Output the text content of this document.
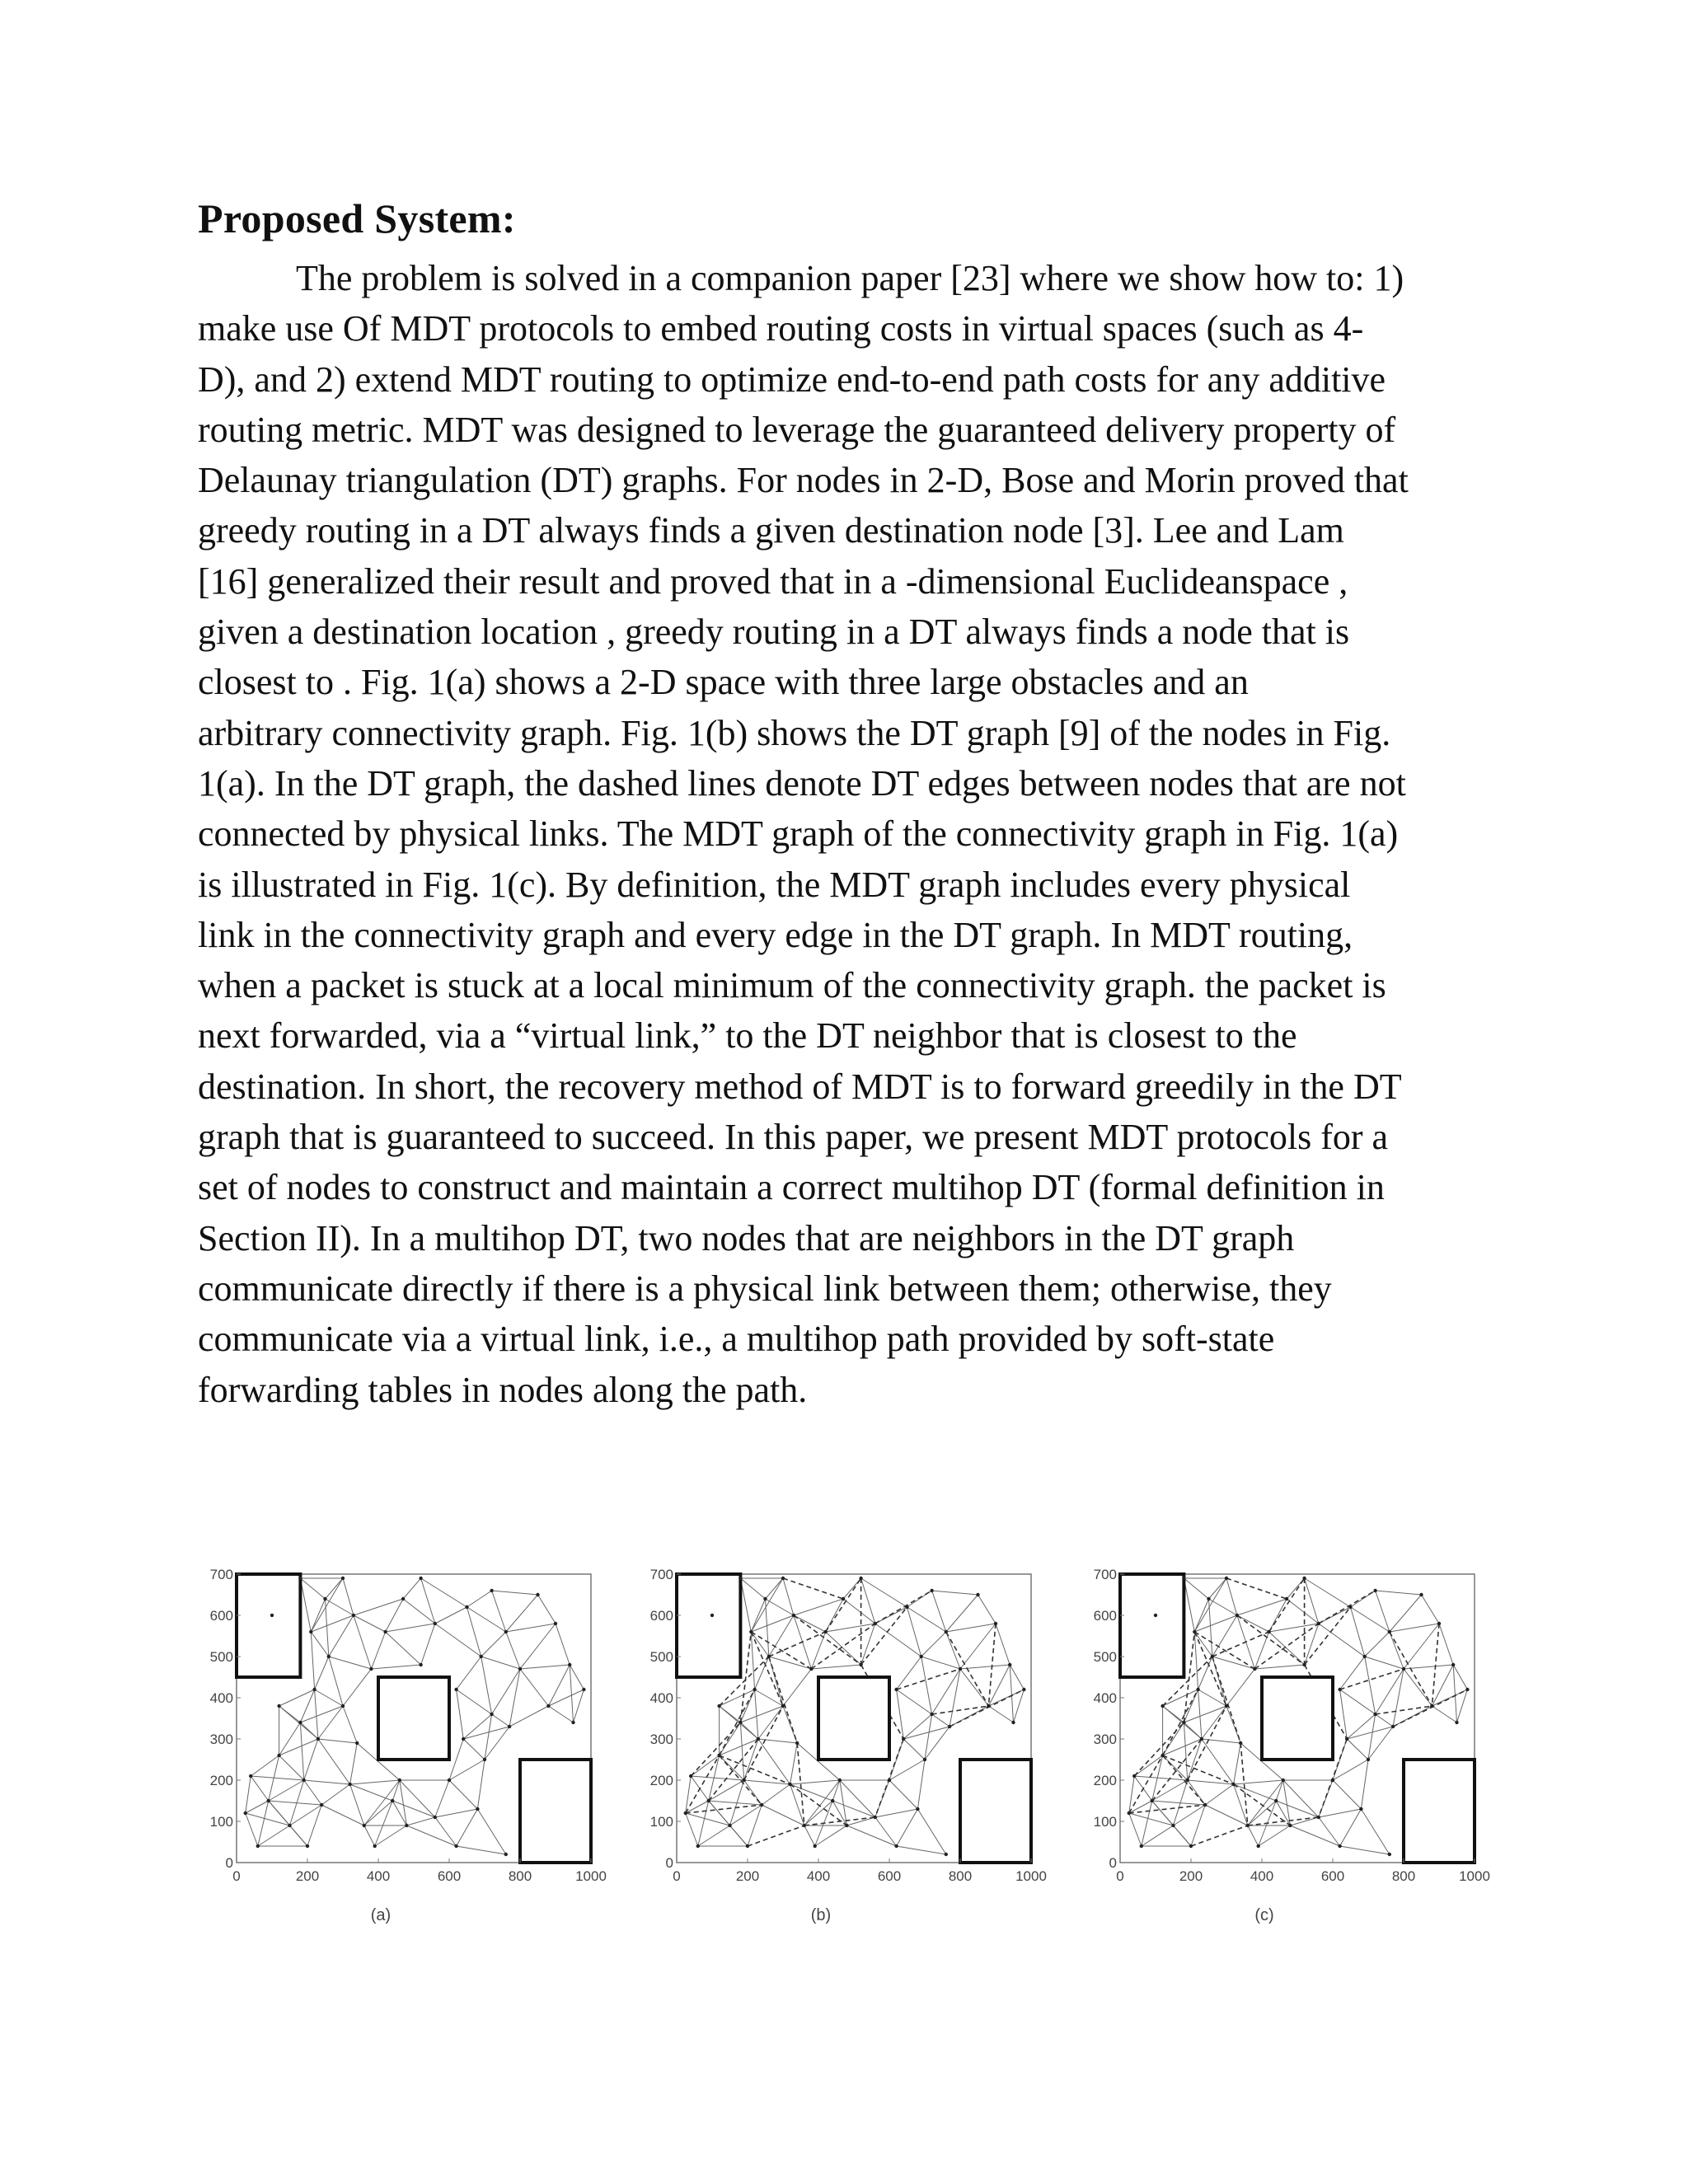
Proposed System:

The problem is solved in a companion paper [23] where we show how to: 1)
make use Of MDT protocols to embed routing costs in virtual spaces (such as 4-
D), and 2) extend MDT routing to optimize end-to-end path costs for any additive
routing metric. MDT was designed to leverage the guaranteed delivery property of
Delaunay triangulation (DT) graphs. For nodes in 2-D, Bose and Morin proved that
greedy routing in a DT always finds a given destination node [3]. Lee and Lam
[16] generalized their result and proved that in a -dimensional Euclideanspace ,
given a destination location , greedy routing in a DT always finds a node that is
closest to . Fig. 1(a) shows a 2-D space with three large obstacles and an
arbitrary connectivity graph. Fig. 1(b) shows the DT graph [9] of the nodes in Fig.
1(a). In the DT graph, the dashed lines denote DT edges between nodes that are not
connected by physical links. The MDT graph of the connectivity graph in Fig. 1(a)
is illustrated in Fig. 1(c). By definition, the MDT graph includes every physical
link in the connectivity graph and every edge in the DT graph. In MDT routing,
when a packet is stuck at a local minimum of the connectivity graph. the packet is
next forwarded, via a “virtual link,” to the DT neighbor that is closest to the
destination. In short, the recovery method of MDT is to forward greedily in the DT
graph that is guaranteed to succeed. In this paper, we present MDT protocols for a
set of nodes to construct and maintain a correct multihop DT (formal definition in
Section II). In a multihop DT, two nodes that are neighbors in the DT graph
communicate directly if there is a physical link between them; otherwise, they
communicate via a virtual link, i.e., a multihop path provided by soft-state
forwarding tables in nodes along the path.

0	200	400	600	800	1000
0
100
200
300
400
500
600
700
(a)
0	200	400	600	800	1000
0
100
200
300
400
500
600
700
(b)
0	200	400	600	800	1000
0
100
200
300
400
500
600
700
(c)
